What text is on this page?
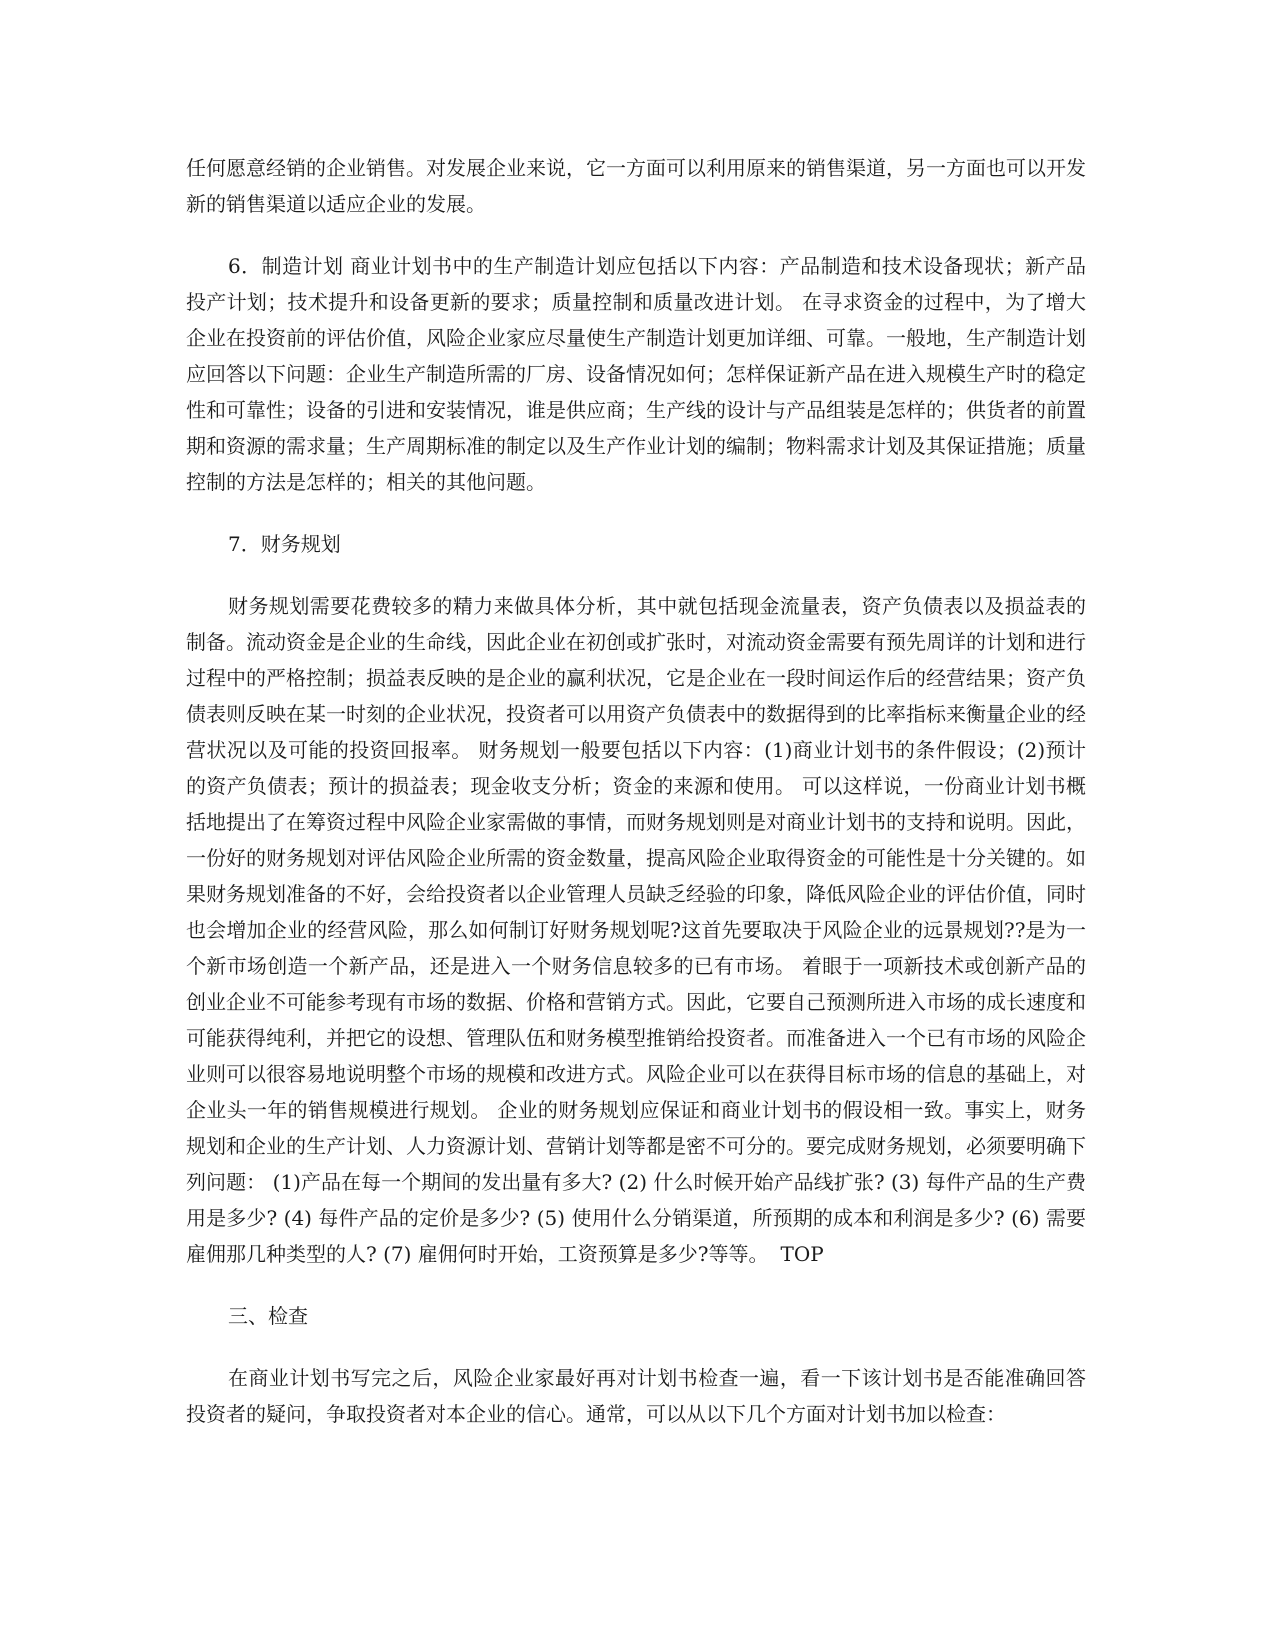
任何愿意经销的企业销售。对发展企业来说，它一方面可以利用原来的销售渠道，另一方面也可以开发新的销售渠道以适应企业的发展。

6．制造计划 商业计划书中的生产制造计划应包括以下内容：产品制造和技术设备现状；新产品投产计划；技术提升和设备更新的要求；质量控制和质量改进计划。 在寻求资金的过程中，为了增大企业在投资前的评估价值，风险企业家应尽量使生产制造计划更加详细、可靠。一般地，生产制造计划应回答以下问题：企业生产制造所需的厂房、设备情况如何；怎样保证新产品在进入规模生产时的稳定性和可靠性；设备的引进和安装情况，谁是供应商；生产线的设计与产品组装是怎样的；供货者的前置期和资源的需求量；生产周期标准的制定以及生产作业计划的编制；物料需求计划及其保证措施；质量控制的方法是怎样的；相关的其他问题。

7．财务规划

财务规划需要花费较多的精力来做具体分析，其中就包括现金流量表，资产负债表以及损益表的制备。流动资金是企业的生命线，因此企业在初创或扩张时，对流动资金需要有预先周详的计划和进行过程中的严格控制；损益表反映的是企业的赢利状况，它是企业在一段时间运作后的经营结果；资产负债表则反映在某一时刻的企业状况，投资者可以用资产负债表中的数据得到的比率指标来衡量企业的经营状况以及可能的投资回报率。 财务规划一般要包括以下内容：(1)商业计划书的条件假设；(2)预计的资产负债表；预计的损益表；现金收支分析；资金的来源和使用。 可以这样说，一份商业计划书概括地提出了在筹资过程中风险企业家需做的事情，而财务规划则是对商业计划书的支持和说明。因此，一份好的财务规划对评估风险企业所需的资金数量，提高风险企业取得资金的可能性是十分关键的。如果财务规划准备的不好，会给投资者以企业管理人员缺乏经验的印象，降低风险企业的评估价值，同时也会增加企业的经营风险，那么如何制订好财务规划呢?这首先要取决于风险企业的远景规划??是为一个新市场创造一个新产品，还是进入一个财务信息较多的已有市场。 着眼于一项新技术或创新产品的创业企业不可能参考现有市场的数据、价格和营销方式。因此，它要自己预测所进入市场的成长速度和可能获得纯利，并把它的设想、管理队伍和财务模型推销给投资者。而准备进入一个已有市场的风险企业则可以很容易地说明整个市场的规模和改进方式。风险企业可以在获得目标市场的信息的基础上，对企业头一年的销售规模进行规划。 企业的财务规划应保证和商业计划书的假设相一致。事实上，财务规划和企业的生产计划、人力资源计划、营销计划等都是密不可分的。要完成财务规划，必须要明确下列问题： (1)产品在每一个期间的发出量有多大? (2) 什么时候开始产品线扩张? (3) 每件产品的生产费用是多少? (4) 每件产品的定价是多少? (5) 使用什么分销渠道，所预期的成本和利润是多少? (6) 需要雇佣那几种类型的人? (7) 雇佣何时开始，工资预算是多少?等等。 TOP

三、检查

在商业计划书写完之后，风险企业家最好再对计划书检查一遍，看一下该计划书是否能准确回答投资者的疑问，争取投资者对本企业的信心。通常，可以从以下几个方面对计划书加以检查：
